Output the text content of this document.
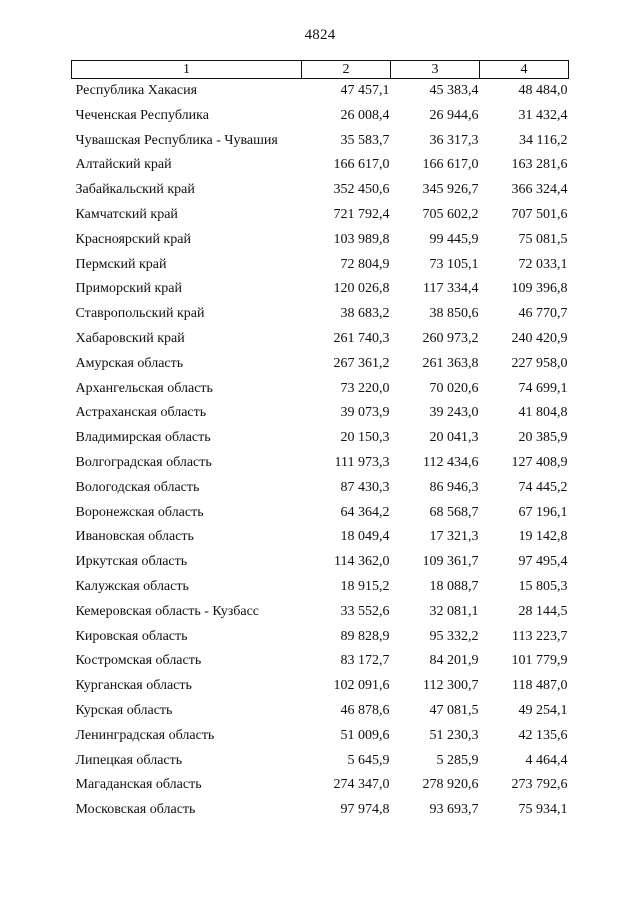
4824
1	2	3	4
Республика Хакасия	47 457,1	45 383,4	48 484,0
Чеченская Республика	26 008,4	26 944,6	31 432,4
Чувашская Республика - Чувашия	35 583,7	36 317,3	34 116,2
Алтайский край	166 617,0	166 617,0	163 281,6
Забайкальский край	352 450,6	345 926,7	366 324,4
Камчатский край	721 792,4	705 602,2	707 501,6
Красноярский край	103 989,8	99 445,9	75 081,5
Пермский край	72 804,9	73 105,1	72 033,1
Приморский край	120 026,8	117 334,4	109 396,8
Ставропольский край	38 683,2	38 850,6	46 770,7
Хабаровский край	261 740,3	260 973,2	240 420,9
Амурская область	267 361,2	261 363,8	227 958,0
Архангельская область	73 220,0	70 020,6	74 699,1
Астраханская область	39 073,9	39 243,0	41 804,8
Владимирская область	20 150,3	20 041,3	20 385,9
Волгоградская область	111 973,3	112 434,6	127 408,9
Вологодская область	87 430,3	86 946,3	74 445,2
Воронежская область	64 364,2	68 568,7	67 196,1
Ивановская область	18 049,4	17 321,3	19 142,8
Иркутская область	114 362,0	109 361,7	97 495,4
Калужская область	18 915,2	18 088,7	15 805,3
Кемеровская область - Кузбасс	33 552,6	32 081,1	28 144,5
Кировская область	89 828,9	95 332,2	113 223,7
Костромская область	83 172,7	84 201,9	101 779,9
Курганская область	102 091,6	112 300,7	118 487,0
Курская область	46 878,6	47 081,5	49 254,1
Ленинградская область	51 009,6	51 230,3	42 135,6
Липецкая область	5 645,9	5 285,9	4 464,4
Магаданская область	274 347,0	278 920,6	273 792,6
Московская область	97 974,8	93 693,7	75 934,1
